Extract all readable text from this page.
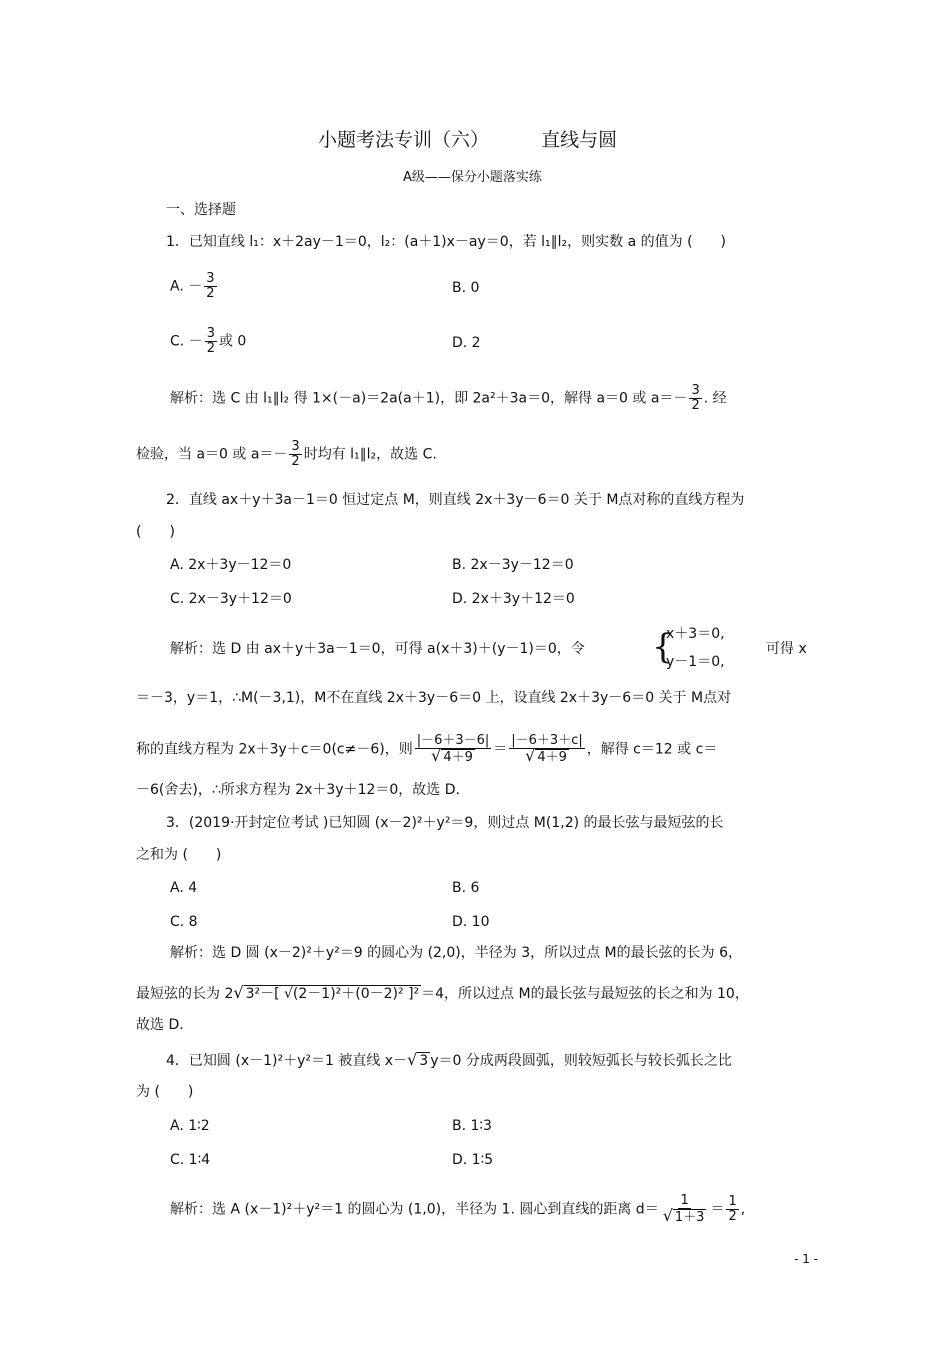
小题考法专训（六）	直线与圆
A级——保分小题落实练
一、选择题
1．已知直线 l₁：x＋2ay－1＝0，l₂：(a＋1)x－ay＝0，若 l₁∥l₂，则实数 a 的值为 (　　)
A. － $\frac{3}{2}$	B. 0
C. － $\frac{3}{2}$ 或 0	D. 2
解析：选 C 由 l₁∥l₂ 得 1×(－a)＝2a(a＋1)，即 2a²＋3a＝0，解得 a＝0 或 $a=- \frac{3}{2}$ . 经
检验，当 a＝0 或 $a=- \frac{3}{2}$ 时均有 l₁∥l₂，故选 C.
2．直线 ax＋y＋3a－1＝0 恒过定点 M，则直线 2x＋3y－6＝0 关于 M点对称的直线方程为
(　　)
A. 2x＋3y－12＝0	B. 2x－3y－12＝0
C. 2x－3y＋12＝0	D. 2x＋3y＋12＝0
解析：选 D 由 ax＋y＋3a－1＝0，可得 a(x＋3)＋(y－1)＝0，令 {
x＋3＝0,
y－1＝0,
可得 x
＝－3，y＝1，∴M(－3,1)，M不在直线 2x＋3y－6＝0 上，设直线 2x＋3y－6＝0 关于 M点对
称的直线方程为 2x＋3y＋c＝0(c≠－6)，则 $\frac{|-6+3-6|}{√ 4+9} = \frac{|-6+3+c|}{√ 4+9}$ ，解得 c＝12 或 c＝
－6(舍去)，∴所求方程为 2x＋3y＋12＝0，故选 D.
3．(2019·开封定位考试 )已知圆 (x－2)²＋y²＝9，则过点 M(1,2) 的最长弦与最短弦的长
之和为 (　　)
A. 4	B. 6
C. 8	D. 10
解析：选 D 圆 (x－2)²＋y²＝9 的圆心为 (2,0)，半径为 3，所以过点 M的最长弦的长为 6，
最短弦的长为 2√ 3²－[ √(2－1)²＋(0－2)² ]² ＝4，所以过点 M的最长弦与最短弦的长之和为 10，
故选 D.
4．已知圆 (x－1)²＋y²＝1 被直线 x－√ 3 y＝0 分成两段圆弧，则较短弧长与较长弧长之比
为 (　　)
A. 1∶2	B. 1∶3
C. 1∶4	D. 1∶5
解析：选 A (x－1)²＋y²＝1 的圆心为 (1,0)，半径为 1. 圆心到直线的距离 $d= \frac{1}{√ 1+3} = \frac{1}{2}$ ,
- 1 -
